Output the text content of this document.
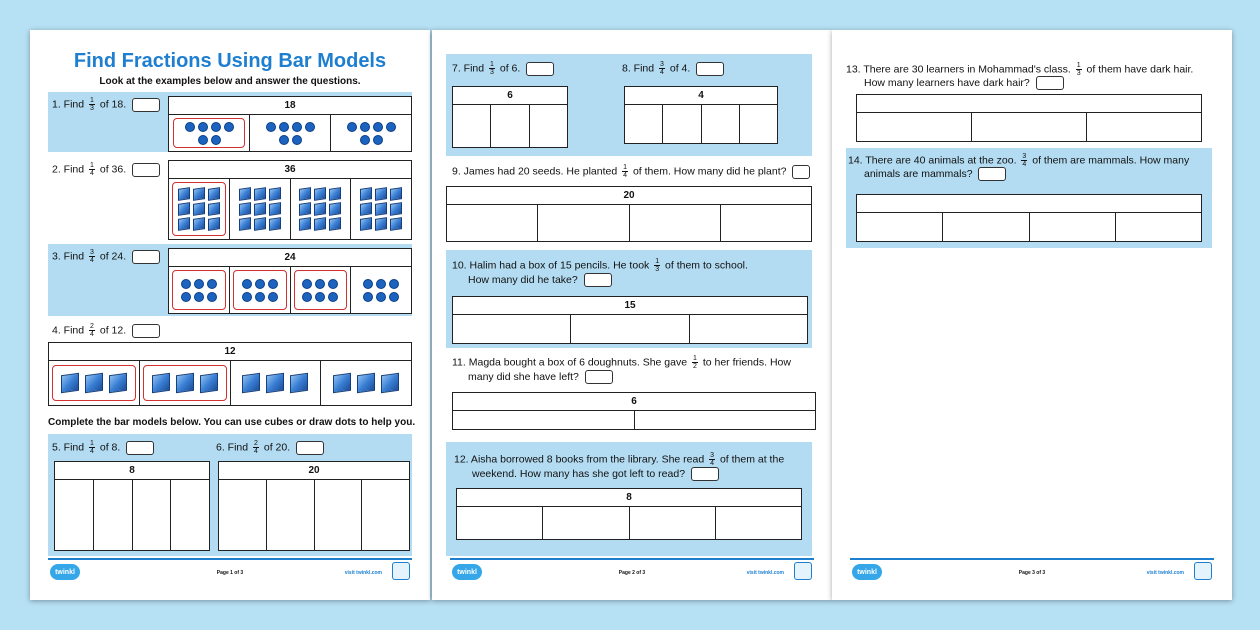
Find Fractions Using Bar Models
Look at the examples below and answer the questions.
1. Find $\frac{1}{3}$ of 18.	18
2. Find $\frac{1}{4}$ of 36.	36
3. Find $\frac{3}{4}$ of 24.	24
4. Find $\frac{2}{4}$ of 12.
12
Complete the bar models below. You can use cubes or draw dots to help you.
5. Find $\frac{1}{4}$ of 8.
8
6. Find $\frac{2}{4}$ of 20.
20
twinkl	Page 1 of 3	visit twinkl.com
7. Find $\frac{1}{3}$ of 6.
6
8. Find $\frac{3}{4}$ of 4.
4
9. James had 20 seeds. He planted $\frac{1}{4}$ of them. How many did he plant?
20
10. Halim had a box of 15 pencils. He took $\frac{1}{3}$ of them to school.
How many did he take?
15
11. Magda bought a box of 6 doughnuts. She gave $\frac{1}{2}$ to her friends. How
many did she have left?
6
12. Aisha borrowed 8 books from the library. She read $\frac{3}{4}$ of them at the
weekend. How many has she got left to read?
8
twinkl	Page 2 of 3	visit twinkl.com
13. There are 30 learners in Mohammad's class. $\frac{1}{3}$ of them have dark hair.
How many learners have dark hair?
14. There are 40 animals at the zoo. $\frac{3}{4}$ of them are mammals. How many
animals are mammals?
twinkl	Page 3 of 3	visit twinkl.com
